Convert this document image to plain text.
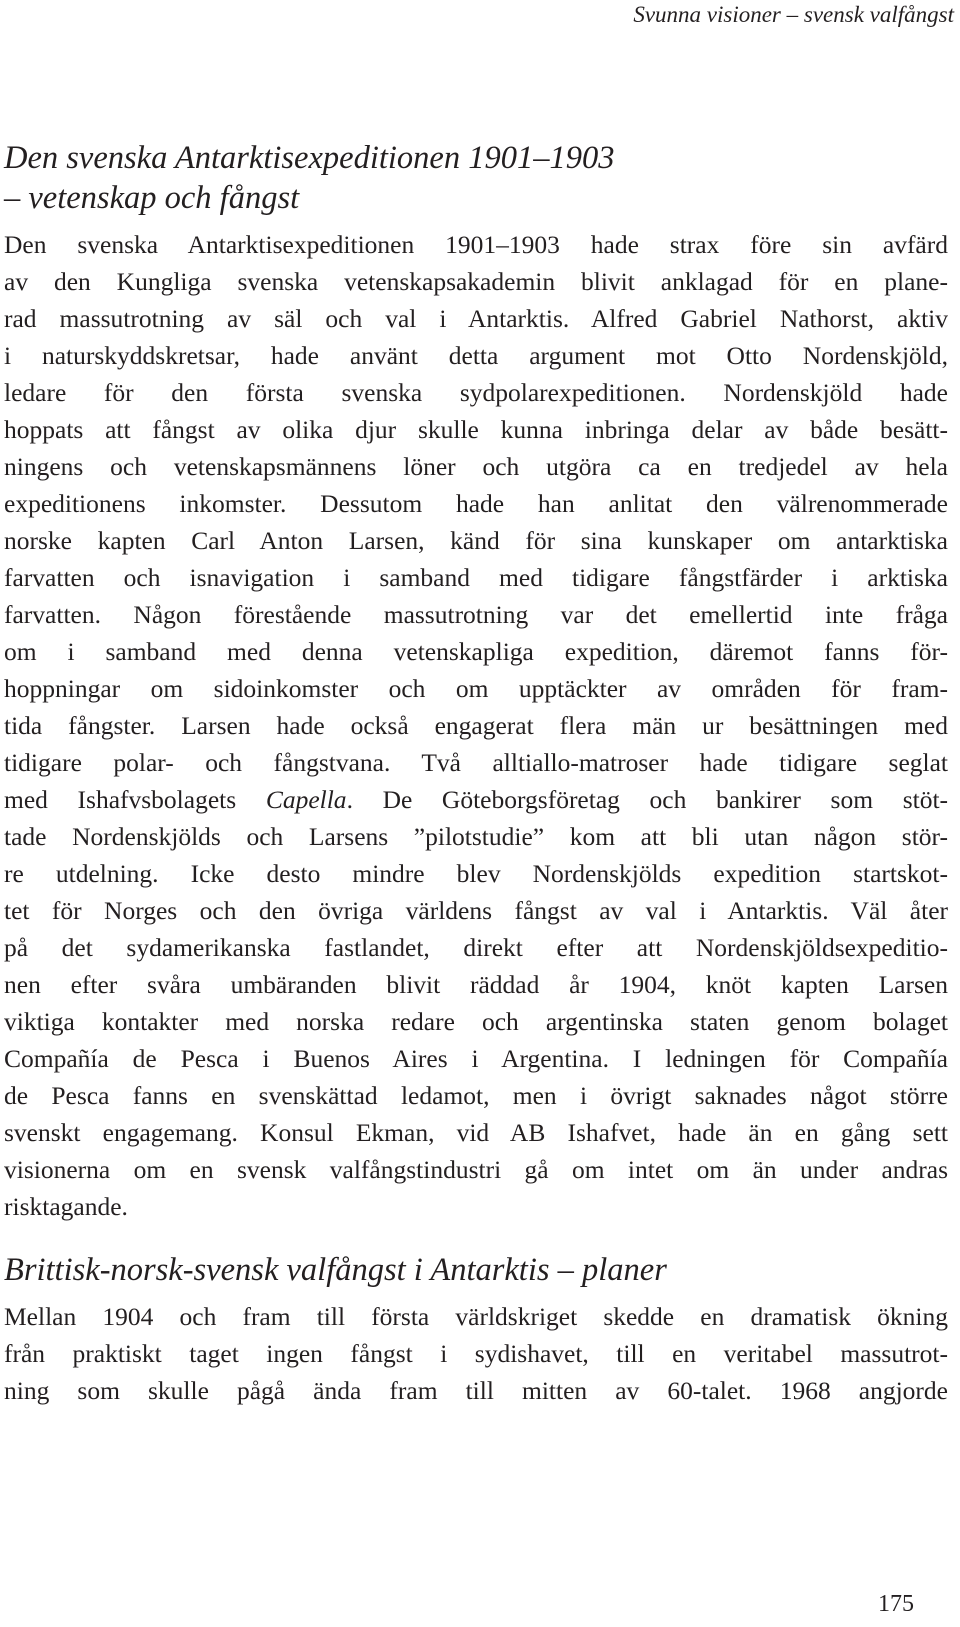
Svunna visioner – svensk valfångst
Den svenska Antarktisexpeditionen 1901–1903
– vetenskap och fångst
Den svenska Antarktisexpeditionen 1901–1903 hade strax före sin avfärd
av den Kungliga svenska vetenskapsakademin blivit anklagad för en plane-
rad massutrotning av säl och val i Antarktis. Alfred Gabriel Nathorst, aktiv
i naturskyddskretsar, hade använt detta argument mot Otto Nordenskjöld,
ledare för den första svenska sydpolarexpeditionen. Nordenskjöld hade
hoppats att fångst av olika djur skulle kunna inbringa delar av både besätt-
ningens och vetenskapsmännens löner och utgöra ca en tredjedel av hela
expeditionens inkomster. Dessutom hade han anlitat den välrenommerade
norske kapten Carl Anton Larsen, känd för sina kunskaper om antarktiska
farvatten och isnavigation i samband med tidigare fångstfärder i arktiska
farvatten. Någon förestående massutrotning var det emellertid inte fråga
om i samband med denna vetenskapliga expedition, däremot fanns för-
hoppningar om sidoinkomster och om upptäckter av områden för fram-
tida fångster. Larsen hade också engagerat flera män ur besättningen med
tidigare polar- och fångstvana. Två alltiallo-matroser hade tidigare seglat
med Ishafvsbolagets Capella. De Göteborgsföretag och bankirer som stöt-
tade Nordenskjölds och Larsens ”pilotstudie” kom att bli utan någon stör-
re utdelning. Icke desto mindre blev Nordenskjölds expedition startskot-
tet för Norges och den övriga världens fångst av val i Antarktis. Väl åter
på det sydamerikanska fastlandet, direkt efter att Nordenskjöldsexpeditio-
nen efter svåra umbäranden blivit räddad år 1904, knöt kapten Larsen
viktiga kontakter med norska redare och argentinska staten genom bolaget
Compañía de Pesca i Buenos Aires i Argentina. I ledningen för Compañía
de Pesca fanns en svenskättad ledamot, men i övrigt saknades något större
svenskt engagemang. Konsul Ekman, vid AB Ishafvet, hade än en gång sett
visionerna om en svensk valfångstindustri gå om intet om än under andras
risktagande.
Brittisk-norsk-svensk valfångst i Antarktis – planer
Mellan 1904 och fram till första världskriget skedde en dramatisk ökning
från praktiskt taget ingen fångst i sydishavet, till en veritabel massutrot-
ning som skulle pågå ända fram till mitten av 60-talet. 1968 angjorde
175
